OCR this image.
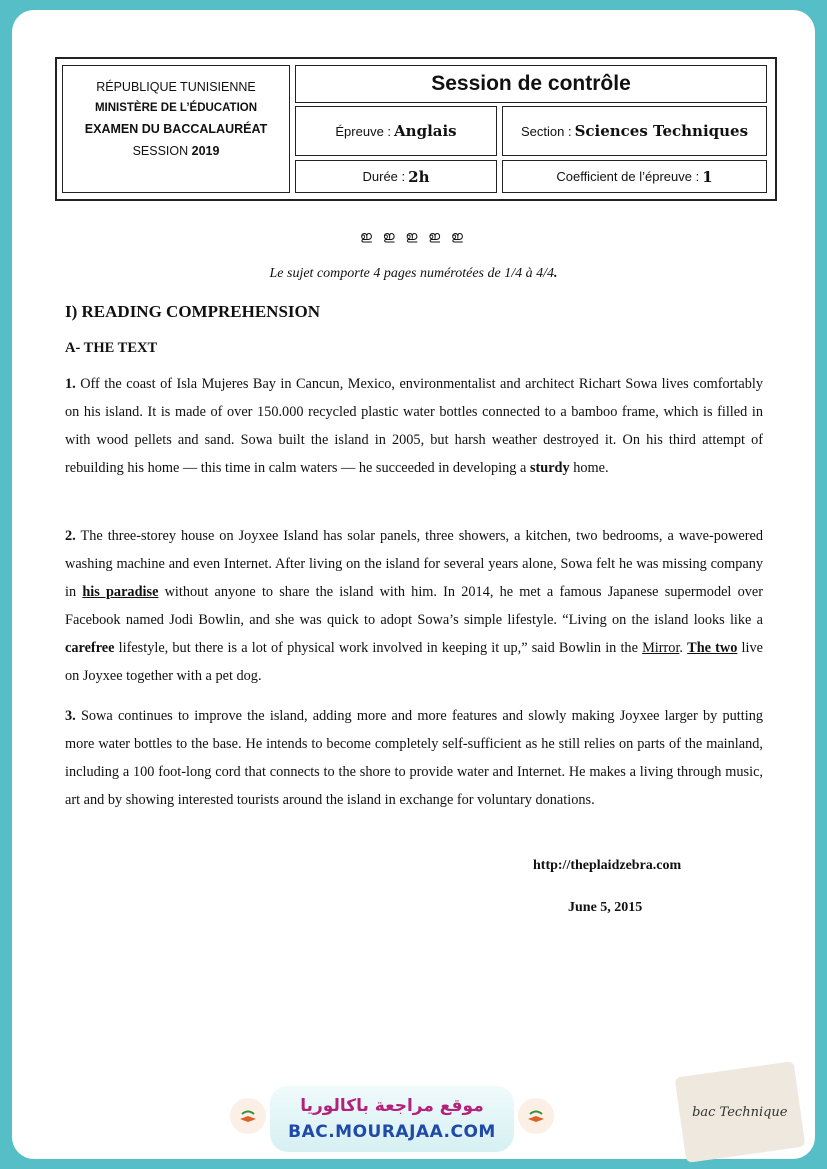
RÉPUBLIQUE TUNISIENNE
MINISTÈRE DE L’ÉDUCATION
EXAMEN DU BACCALAURÉAT
SESSION 2019
Session de contrôle
Épreuve : Anglais	Section : Sciences Techniques
Durée : 2h	Coefficient de l’épreuve : 1
ഇ ഇ ഇ ഇ ഇ
Le sujet comporte 4 pages numérotées de 1/4 à 4/4.
I) READING COMPREHENSION
A- THE TEXT

1. Off the coast of Isla Mujeres Bay in Cancun, Mexico, environmentalist and architect Richart Sowa lives comfortably on his island. It is made of over 150.000 recycled plastic water bottles connected to a bamboo frame, which is filled in with wood pellets and sand. Sowa built the island in 2005, but harsh weather destroyed it. On his third attempt of rebuilding his home — this time in calm waters — he succeeded in developing a sturdy home.

2. The three-storey house on Joyxee Island has solar panels, three showers, a kitchen, two bedrooms, a wave-powered washing machine and even Internet. After living on the island for several years alone, Sowa felt he was missing company in his paradise without anyone to share the island with him. In 2014, he met a famous Japanese supermodel over Facebook named Jodi Bowlin, and she was quick to adopt Sowa’s simple lifestyle. “Living on the island looks like a carefree lifestyle, but there is a lot of physical work involved in keeping it up,” said Bowlin in the Mirror. The two live on Joyxee together with a pet dog.

3. Sowa continues to improve the island, adding more and more features and slowly making Joyxee larger by putting more water bottles to the base. He intends to become completely self-sufficient as he still relies on parts of the mainland, including a 100 foot-long cord that connects to the shore to provide water and Internet. He makes a living through music, art and by showing interested tourists around the island in exchange for voluntary donations.

http://theplaidzebra.com
June 5, 2015
موقع مراجعة باكالوريا
BAC.MOURAJAA.COM
bac Technique
